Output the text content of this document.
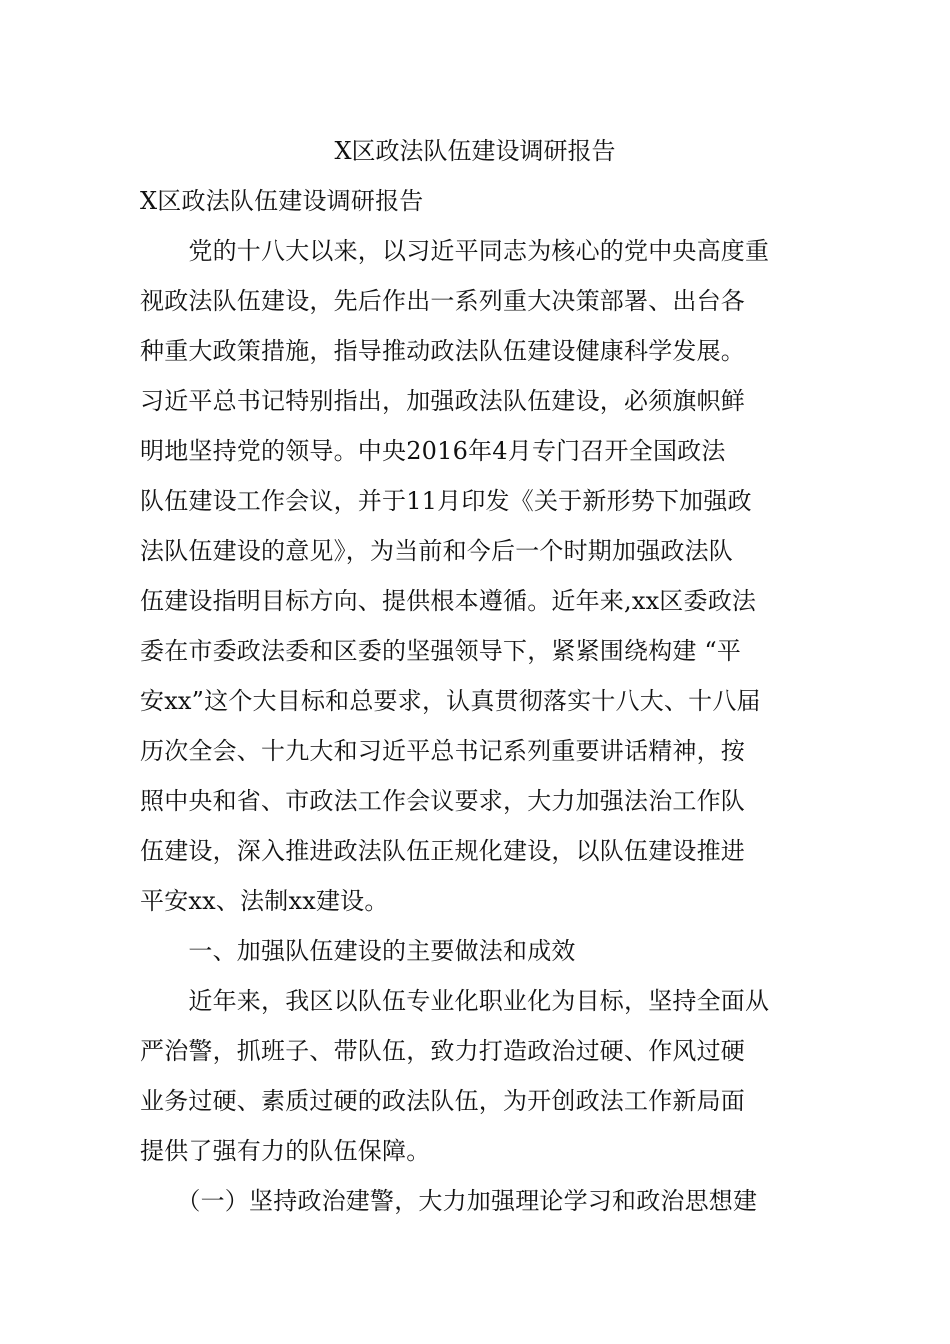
X区政法队伍建设调研报告
X区政法队伍建设调研报告
　　党的十八大以来，以习近平同志为核心的党中央高度重
视政法队伍建设，先后作出一系列重大决策部署、出台各
种重大政策措施，指导推动政法队伍建设健康科学发展。
习近平总书记特别指出，加强政法队伍建设，必须旗帜鲜
明地坚持党的领导。中央2016年4月专门召开全国政法
队伍建设工作会议，并于11月印发《关于新形势下加强政
法队伍建设的意见》，为当前和今后一个时期加强政法队
伍建设指明目标方向、提供根本遵循。近年来,xx区委政法
委在市委政法委和区委的坚强领导下，紧紧围绕构建 “平
安xx”这个大目标和总要求，认真贯彻落实十八大、十八届
历次全会、十九大和习近平总书记系列重要讲话精神，按
照中央和省、市政法工作会议要求，大力加强法治工作队
伍建设，深入推进政法队伍正规化建设，以队伍建设推进
平安xx、法制xx建设。
　　一、加强队伍建设的主要做法和成效
　　近年来，我区以队伍专业化职业化为目标，坚持全面从
严治警，抓班子、带队伍，致力打造政治过硬、作风过硬
业务过硬、素质过硬的政法队伍，为开创政法工作新局面
提供了强有力的队伍保障。
　　（一）坚持政治建警，大力加强理论学习和政治思想建
